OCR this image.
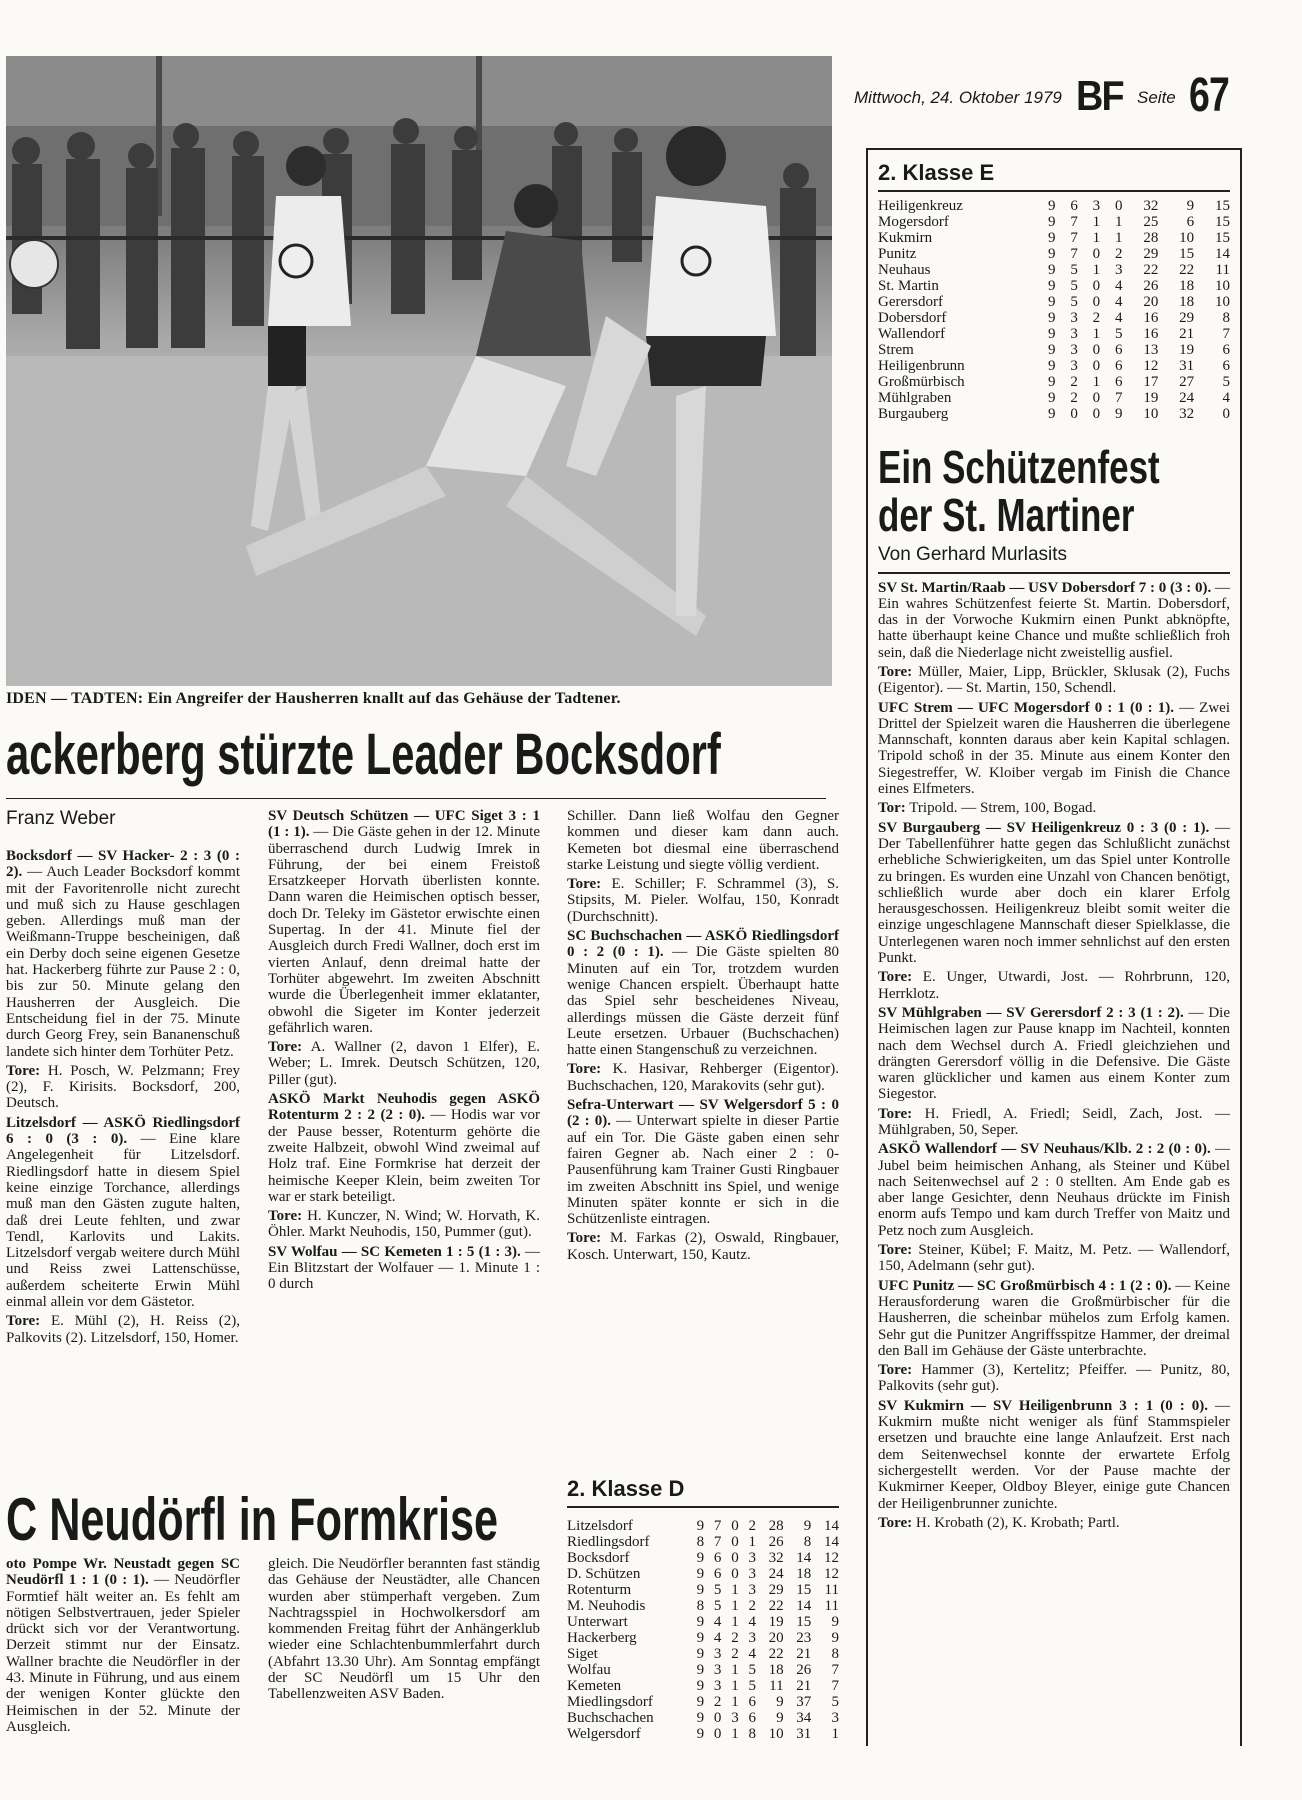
IDEN — TADTEN: Ein Angreifer der Hausherren knallt auf das Gehäuse der Tadtener.
Mittwoch, 24. Oktober 1979 BF Seite 67
2. Klasse E
Heiligenkreuz	9	6	3	0	32	9	15
Mogersdorf	9	7	1	1	25	6	15
Kukmirn	9	7	1	1	28	10	15
Punitz	9	7	0	2	29	15	14
Neuhaus	9	5	1	3	22	22	11
St. Martin	9	5	0	4	26	18	10
Gerersdorf	9	5	0	4	20	18	10
Dobersdorf	9	3	2	4	16	29	8
Wallendorf	9	3	1	5	16	21	7
Strem	9	3	0	6	13	19	6
Heiligenbrunn	9	3	0	6	12	31	6
Großmürbisch	9	2	1	6	17	27	5
Mühlgraben	9	2	0	7	19	24	4
Burgauberg	9	0	0	9	10	32	0
Ein Schützenfest
der St. Martiner
Von Gerhard Murlasits

SV St. Martin/Raab — USV Dobersdorf 7 : 0 (3 : 0). — Ein wahres Schützenfest feierte St. Martin. Dobersdorf, das in der Vorwoche Kukmirn einen Punkt abknöpfte, hatte überhaupt keine Chance und mußte schließlich froh sein, daß die Niederlage nicht zweistellig ausfiel.

Tore: Müller, Maier, Lipp, Brückler, Sklusak (2), Fuchs (Eigentor). — St. Martin, 150, Schendl.

UFC Strem — UFC Mogersdorf 0 : 1 (0 : 1). — Zwei Drittel der Spielzeit waren die Hausherren die überlegene Mannschaft, konnten daraus aber kein Kapital schlagen. Tripold schoß in der 35. Minute aus einem Konter den Siegestreffer, W. Kloiber vergab im Finish die Chance eines Elfmeters.

Tor: Tripold. — Strem, 100, Bogad.

SV Burgauberg — SV Heiligenkreuz 0 : 3 (0 : 1). — Der Tabellenführer hatte gegen das Schlußlicht zunächst erhebliche Schwierigkeiten, um das Spiel unter Kontrolle zu bringen. Es wurden eine Unzahl von Chancen benötigt, schließlich wurde aber doch ein klarer Erfolg herausgeschossen. Heiligenkreuz bleibt somit weiter die einzige ungeschlagene Mannschaft dieser Spielklasse, die Unterlegenen waren noch immer sehnlichst auf den ersten Punkt.

Tore: E. Unger, Utwardi, Jost. — Rohrbrunn, 120, Herrklotz.

SV Mühlgraben — SV Gerersdorf 2 : 3 (1 : 2). — Die Heimischen lagen zur Pause knapp im Nachteil, konnten nach dem Wechsel durch A. Friedl gleichziehen und drängten Gerersdorf völlig in die Defensive. Die Gäste waren glücklicher und kamen aus einem Konter zum Siegestor.

Tore: H. Friedl, A. Friedl; Seidl, Zach, Jost. — Mühlgraben, 50, Seper.

ASKÖ Wallendorf — SV Neuhaus/Klb. 2 : 2 (0 : 0). — Jubel beim heimischen Anhang, als Steiner und Kübel nach Seitenwechsel auf 2 : 0 stellten. Am Ende gab es aber lange Gesichter, denn Neuhaus drückte im Finish enorm aufs Tempo und kam durch Treffer von Maitz und Petz noch zum Ausgleich.

Tore: Steiner, Kübel; F. Maitz, M. Petz. — Wallendorf, 150, Adelmann (sehr gut).

UFC Punitz — SC Großmürbisch 4 : 1 (2 : 0). — Keine Herausforderung waren die Großmürbischer für die Hausherren, die scheinbar mühelos zum Erfolg kamen. Sehr gut die Punitzer Angriffsspitze Hammer, der dreimal den Ball im Gehäuse der Gäste unterbrachte.

Tore: Hammer (3), Kertelitz; Pfeiffer. — Punitz, 80, Palkovits (sehr gut).

SV Kukmirn — SV Heiligenbrunn 3 : 1 (0 : 0). — Kukmirn mußte nicht weniger als fünf Stammspieler ersetzen und brauchte eine lange Anlaufzeit. Erst nach dem Seitenwechsel konnte der erwartete Erfolg sichergestellt werden. Vor der Pause machte der Kukmirner Keeper, Oldboy Bleyer, einige gute Chancen der Heiligenbrunner zunichte.

Tore: H. Krobath (2), K. Krobath; Partl.

ackerberg stürzte Leader Bocksdorf
Franz Weber

Bocksdorf — SV Hacker- 2 : 3 (0 : 2). — Auch Leader Bocksdorf kommt mit der Favoritenrolle nicht zurecht und muß sich zu Hause geschlagen geben. Allerdings muß man der Weißmann-Truppe bescheinigen, daß ein Derby doch seine eigenen Gesetze hat. Hackerberg führte zur Pause 2 : 0, bis zur 50. Minute gelang den Hausherren der Ausgleich. Die Entscheidung fiel in der 75. Minute durch Georg Frey, sein Bananenschuß landete sich hinter dem Torhüter Petz.

Tore: H. Posch, W. Pelzmann; Frey (2), F. Kirisits. Bocksdorf, 200, Deutsch.

Litzelsdorf — ASKÖ Riedlingsdorf 6 : 0 (3 : 0). — Eine klare Angelegenheit für Litzelsdorf. Riedlingsdorf hatte in diesem Spiel keine einzige Torchance, allerdings muß man den Gästen zugute halten, daß drei Leute fehlten, und zwar Tendl, Karlovits und Lakits. Litzelsdorf vergab weitere durch Mühl und Reiss zwei Lattenschüsse, außerdem scheiterte Erwin Mühl einmal allein vor dem Gästetor.

Tore: E. Mühl (2), H. Reiss (2), Palkovits (2). Litzelsdorf, 150, Homer.

SV Deutsch Schützen — UFC Siget 3 : 1 (1 : 1). — Die Gäste gehen in der 12. Minute überraschend durch Ludwig Imrek in Führung, der bei einem Freistoß Ersatzkeeper Horvath überlisten konnte. Dann waren die Heimischen optisch besser, doch Dr. Teleky im Gästetor erwischte einen Supertag. In der 41. Minute fiel der Ausgleich durch Fredi Wallner, doch erst im vierten Anlauf, denn dreimal hatte der Torhüter abgewehrt. Im zweiten Abschnitt wurde die Überlegenheit immer eklatanter, obwohl die Sigeter im Konter jederzeit gefährlich waren.

Tore: A. Wallner (2, davon 1 Elfer), E. Weber; L. Imrek. Deutsch Schützen, 120, Piller (gut).

ASKÖ Markt Neuhodis gegen ASKÖ Rotenturm 2 : 2 (2 : 0). — Hodis war vor der Pause besser, Rotenturm gehörte die zweite Halbzeit, obwohl Wind zweimal auf Holz traf. Eine Formkrise hat derzeit der heimische Keeper Klein, beim zweiten Tor war er stark beteiligt.

Tore: H. Kunczer, N. Wind; W. Horvath, K. Öhler. Markt Neuhodis, 150, Pummer (gut).

SV Wolfau — SC Kemeten 1 : 5 (1 : 3). — Ein Blitzstart der Wolfauer — 1. Minute 1 : 0 durch

Schiller. Dann ließ Wolfau den Gegner kommen und dieser kam dann auch. Kemeten bot diesmal eine überraschend starke Leistung und siegte völlig verdient.

Tore: E. Schiller; F. Schrammel (3), S. Stipsits, M. Pieler. Wolfau, 150, Konradt (Durchschnitt).

SC Buchschachen — ASKÖ Riedlingsdorf 0 : 2 (0 : 1). — Die Gäste spielten 80 Minuten auf ein Tor, trotzdem wurden wenige Chancen erspielt. Überhaupt hatte das Spiel sehr bescheidenes Niveau, allerdings müssen die Gäste derzeit fünf Leute ersetzen. Urbauer (Buchschachen) hatte einen Stangenschuß zu verzeichnen.

Tore: K. Hasivar, Rehberger (Eigentor). Buchschachen, 120, Marakovits (sehr gut).

Sefra-Unterwart — SV Welgersdorf 5 : 0 (2 : 0). — Unterwart spielte in dieser Partie auf ein Tor. Die Gäste gaben einen sehr fairen Gegner ab. Nach einer 2 : 0-Pausenführung kam Trainer Gusti Ringbauer im zweiten Abschnitt ins Spiel, und wenige Minuten später konnte er sich in die Schützenliste eintragen.

Tore: M. Farkas (2), Oswald, Ringbauer, Kosch. Unterwart, 150, Kautz.

2. Klasse D
Litzelsdorf	9	7	0	2	28	9	14
Riedlingsdorf	8	7	0	1	26	8	14
Bocksdorf	9	6	0	3	32	14	12
D. Schützen	9	6	0	3	24	18	12
Rotenturm	9	5	1	3	29	15	11
M. Neuhodis	8	5	1	2	22	14	11
Unterwart	9	4	1	4	19	15	9
Hackerberg	9	4	2	3	20	23	9
Siget	9	3	2	4	22	21	8
Wolfau	9	3	1	5	18	26	7
Kemeten	9	3	1	5	11	21	7
Miedlingsdorf	9	2	1	6	9	37	5
Buchschachen	9	0	3	6	9	34	3
Welgersdorf	9	0	1	8	10	31	1
C Neudörfl in Formkrise

oto Pompe Wr. Neustadt gegen SC Neudörfl 1 : 1 (0 : 1). — Neudörfler Formtief hält weiter an. Es fehlt am nötigen Selbstvertrauen, jeder Spieler drückt sich vor der Verantwortung. Derzeit stimmt nur der Einsatz. Wallner brachte die Neudörfler in der 43. Minute in Führung, und aus einem der wenigen Konter glückte den Heimischen in der 52. Minute der Ausgleich.

gleich. Die Neudörfler berannten fast ständig das Gehäuse der Neustädter, alle Chancen wurden aber stümperhaft vergeben. Zum Nachtragsspiel in Hochwolkersdorf am kommenden Freitag führt der Anhängerklub wieder eine Schlachtenbummlerfahrt durch (Abfahrt 13.30 Uhr). Am Sonntag empfängt der SC Neudörfl um 15 Uhr den Tabellenzweiten ASV Baden.
